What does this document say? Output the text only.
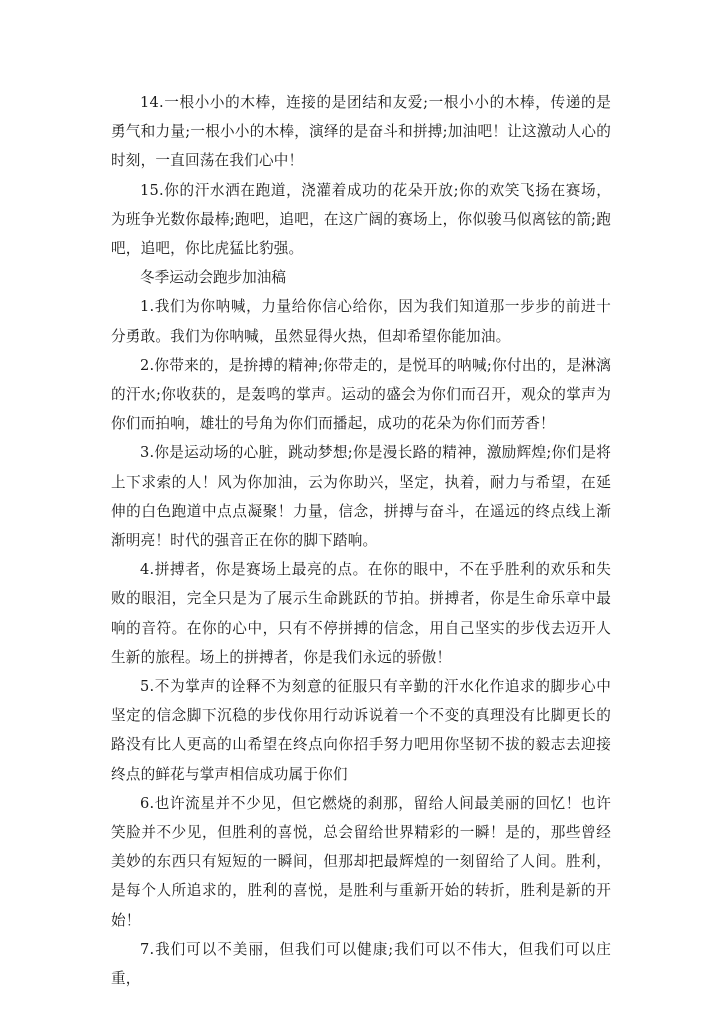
14.一根小小的木棒，连接的是团结和友爱;一根小小的木棒，传递的是勇气和力量;一根小小的木棒，演绎的是奋斗和拼搏;加油吧！让这激动人心的时刻，一直回荡在我们心中！

15.你的汗水洒在跑道，浇灌着成功的花朵开放;你的欢笑飞扬在赛场，为班争光数你最棒;跑吧，追吧，在这广阔的赛场上，你似骏马似离铉的箭;跑吧，追吧，你比虎猛比豹强。

冬季运动会跑步加油稿

1.我们为你呐喊，力量给你信心给你，因为我们知道那一步步的前进十分勇敢。我们为你呐喊，虽然显得火热，但却希望你能加油。

2.你带来的，是拚搏的精神;你带走的，是悦耳的呐喊;你付出的，是淋漓的汗水;你收获的，是轰鸣的掌声。运动的盛会为你们而召开，观众的掌声为你们而拍响，雄壮的号角为你们而播起，成功的花朵为你们而芳香！

3.你是运动场的心脏，跳动梦想;你是漫长路的精神，激励辉煌;你们是将上下求索的人！风为你加油，云为你助兴，坚定，执着，耐力与希望，在延伸的白色跑道中点点凝聚！力量，信念，拼搏与奋斗，在遥远的终点线上渐渐明亮！时代的强音正在你的脚下踏响。

4.拼搏者，你是赛场上最亮的点。在你的眼中，不在乎胜利的欢乐和失败的眼泪，完全只是为了展示生命跳跃的节拍。拼搏者，你是生命乐章中最响的音符。在你的心中，只有不停拼搏的信念，用自己坚实的步伐去迈开人生新的旅程。场上的拼搏者，你是我们永远的骄傲！

5.不为掌声的诠释不为刻意的征服只有辛勤的汗水化作追求的脚步心中坚定的信念脚下沉稳的步伐你用行动诉说着一个不变的真理没有比脚更长的路没有比人更高的山希望在终点向你招手努力吧用你坚韧不拔的毅志去迎接终点的鲜花与掌声相信成功属于你们

6.也许流星并不少见，但它燃烧的刹那，留给人间最美丽的回忆！也许笑脸并不少见，但胜利的喜悦，总会留给世界精彩的一瞬！是的，那些曾经美妙的东西只有短短的一瞬间，但那却把最辉煌的一刻留给了人间。胜利，是每个人所追求的，胜利的喜悦，是胜利与重新开始的转折，胜利是新的开始！

7.我们可以不美丽，但我们可以健康;我们可以不伟大，但我们可以庄重，
